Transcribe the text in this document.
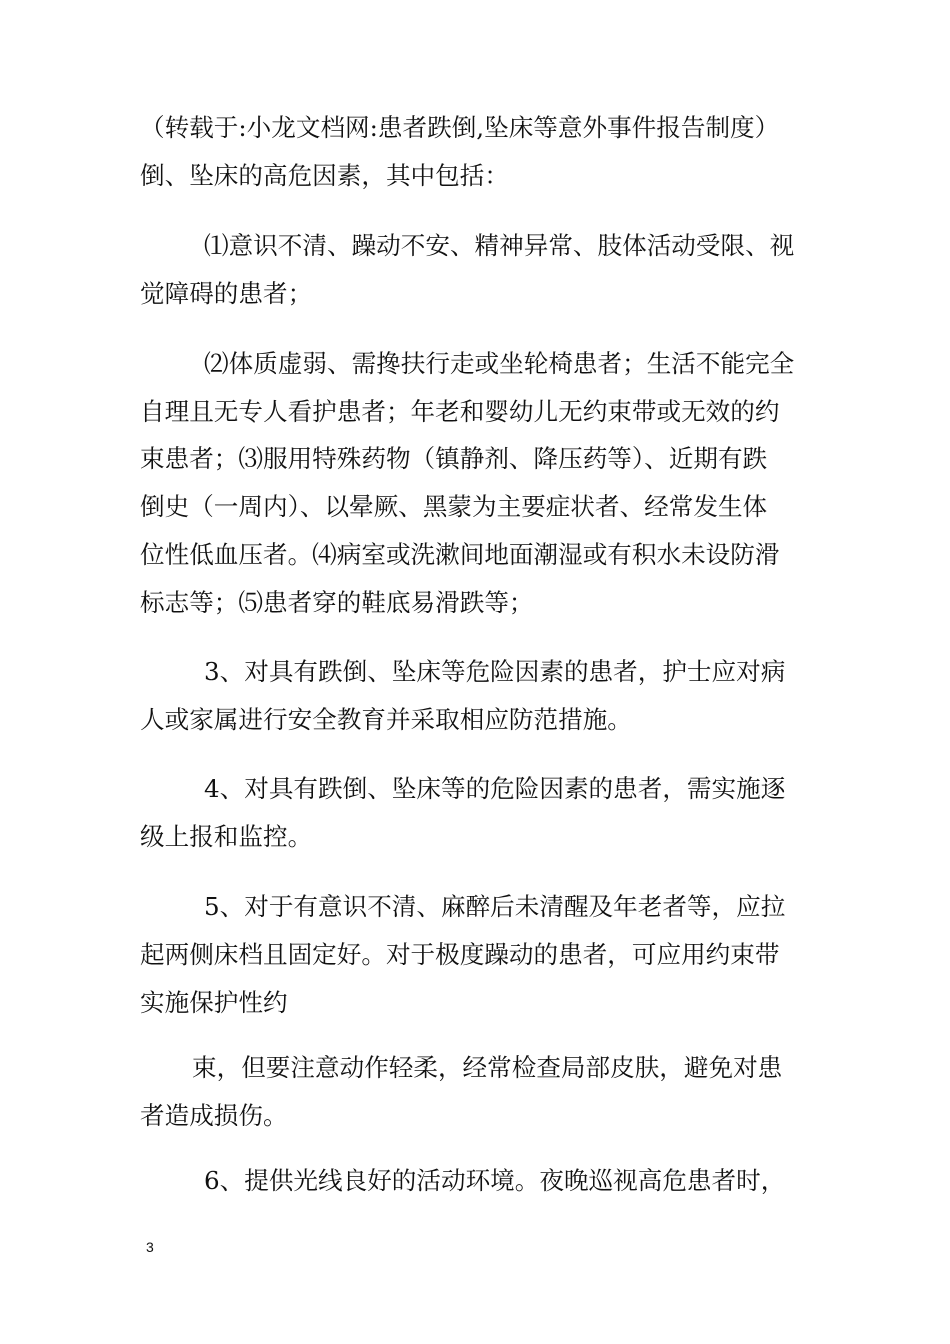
（转载于:小龙文档网:患者跌倒,坠床等意外事件报告制度）
倒、坠床的高危因素，其中包括：
⑴意识不清、躁动不安、精神异常、肢体活动受限、视
觉障碍的患者；
⑵体质虚弱、需搀扶行走或坐轮椅患者；生活不能完全
自理且无专人看护患者；年老和婴幼儿无约束带或无效的约
束患者；⑶服用特殊药物（镇静剂、降压药等）、近期有跌
倒史（一周内）、以晕厥、黑蒙为主要症状者、经常发生体
位性低血压者。⑷病室或洗漱间地面潮湿或有积水未设防滑
标志等；⑸患者穿的鞋底易滑跌等；
3、对具有跌倒、坠床等危险因素的患者，护士应对病
人或家属进行安全教育并采取相应防范措施。
4、对具有跌倒、坠床等的危险因素的患者，需实施逐
级上报和监控。
5、对于有意识不清、麻醉后未清醒及年老者等，应拉
起两侧床档且固定好。对于极度躁动的患者，可应用约束带
实施保护性约
束，但要注意动作轻柔，经常检查局部皮肤，避免对患
者造成损伤。
6、提供光线良好的活动环境。夜晚巡视高危患者时，
3
